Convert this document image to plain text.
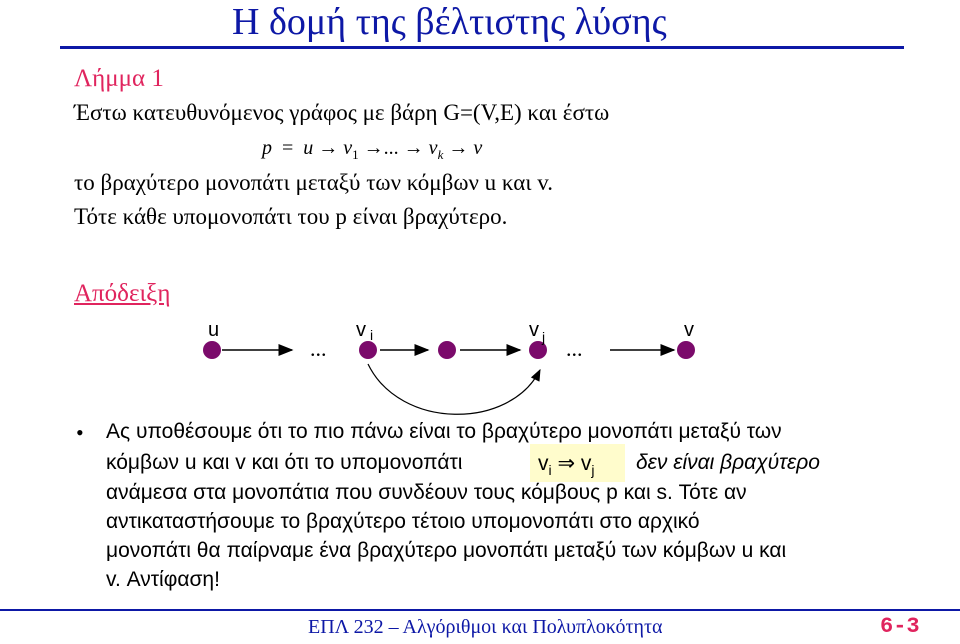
Η δομή της βέλτιστης λύσης
Λήμμα 1
Έστω κατευθυνόμενος γράφος με βάρη G=(V,E) και έστω
$p = u \to v_1$ →... → $v_k \to v$
το βραχύτερο μονοπάτι μεταξύ των κόμβων u και v.
Τότε κάθε υπομονοπάτι του p είναι βραχύτερο.
Απόδειξη
u	v i	v j	v
...	...
• Ας υποθέσουμε ότι το πιο πάνω είναι το βραχύτερο μονοπάτι μεταξύ των
κόμβων u και v και ότι το υπομονοπάτι	$v_i$ ⇒ $v_j$ δεν είναι βραχύτερο
ανάμεσα στα μονοπάτια που συνδέουν τους κόμβους p και s. Τότε αν
αντικαταστήσουμε το βραχύτερο τέτοιο υπομονοπάτι στο αρχικό
μονοπάτι θα παίρναμε ένα βραχύτερο μονοπάτι μεταξύ των κόμβων u και
v. Αντίφαση!
ΕΠΛ 232 – Αλγόριθμοι και Πολυπλοκότητα	6-3
